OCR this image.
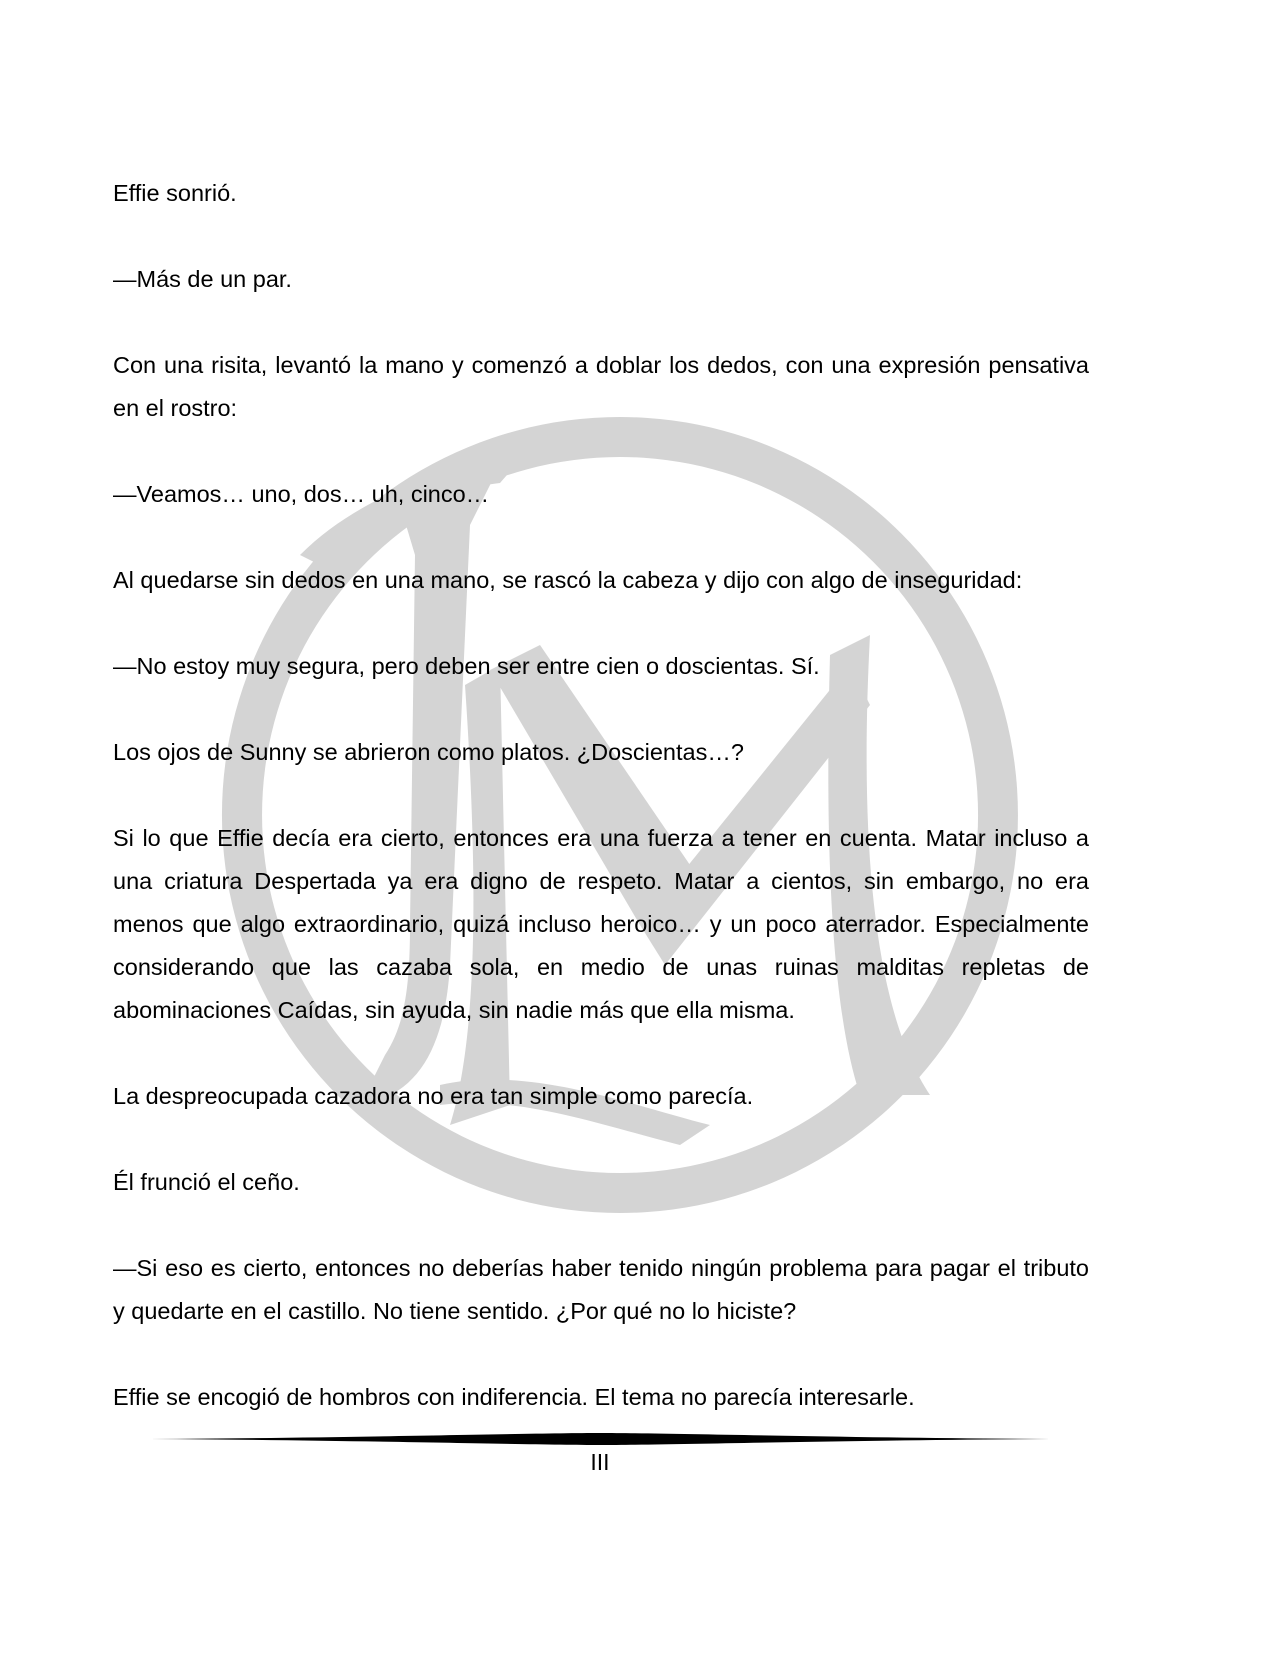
Effie sonrió.

—Más de un par.

Con una risita, levantó la mano y comenzó a doblar los dedos, con una expresión pensativa en el rostro:

—Veamos… uno, dos… uh, cinco…

Al quedarse sin dedos en una mano, se rascó la cabeza y dijo con algo de inseguridad:

—No estoy muy segura, pero deben ser entre cien o doscientas. Sí.

Los ojos de Sunny se abrieron como platos. ¿Doscientas…?

Si lo que Effie decía era cierto, entonces era una fuerza a tener en cuenta. Matar incluso a una criatura Despertada ya era digno de respeto. Matar a cientos, sin embargo, no era menos que algo extraordinario, quizá incluso heroico… y un poco aterrador. Especialmente considerando que las cazaba sola, en medio de unas ruinas malditas repletas de abominaciones Caídas, sin ayuda, sin nadie más que ella misma.

La despreocupada cazadora no era tan simple como parecía.

Él frunció el ceño.

—Si eso es cierto, entonces no deberías haber tenido ningún problema para pagar el tributo y quedarte en el castillo. No tiene sentido. ¿Por qué no lo hiciste?

Effie se encogió de hombros con indiferencia. El tema no parecía interesarle.

III
